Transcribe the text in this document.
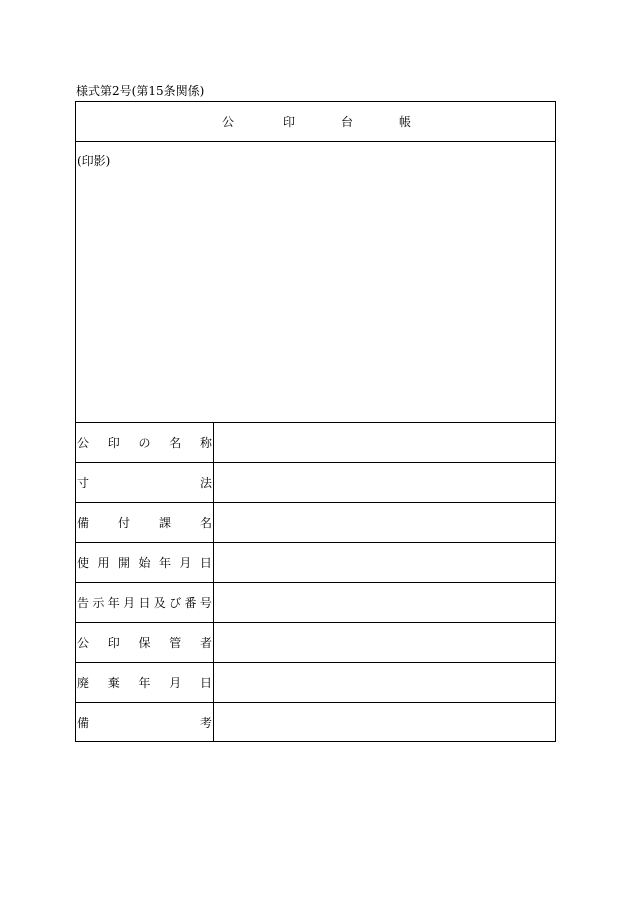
様式第2号(第15条関係)
公	印	台	帳
(印影)
公 印 の 名 称
寸	法
備 付 課 名
使 用 開 始 年 月 日
告 示 年 月 日 及 び 番 号
公 印 保 管 者
廃 棄 年 月 日
備	考
